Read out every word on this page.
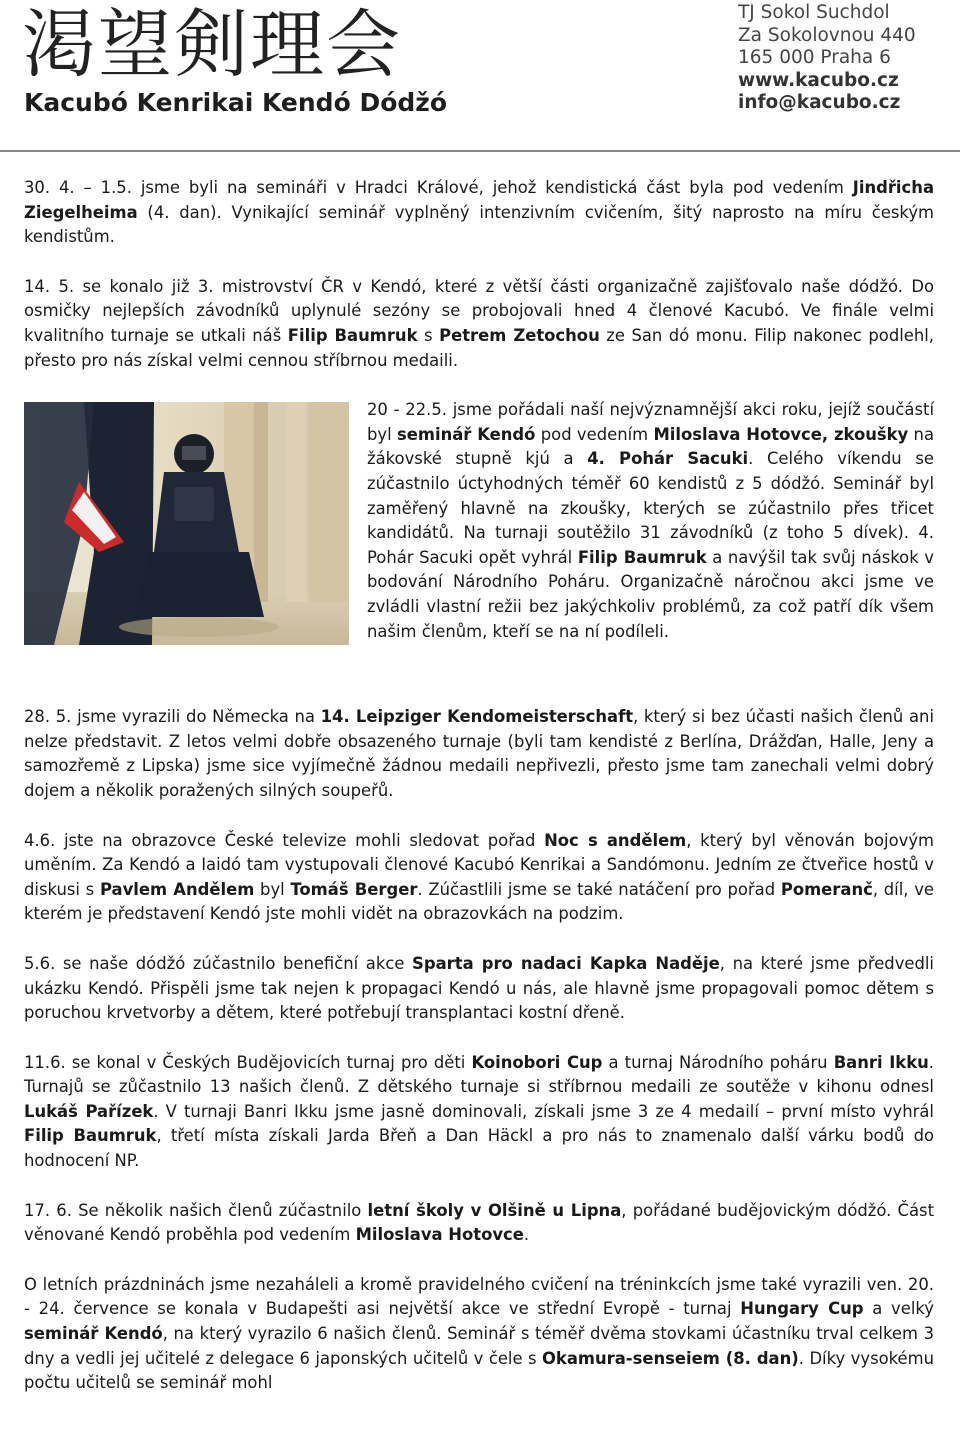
渇望剣理会
Kacubó Kenrikai Kendó Dódžó
TJ Sokol Suchdol
Za Sokolovnou 440
165 000 Praha 6
www.kacubo.cz
info@kacubo.cz

30. 4. – 1.5. jsme byli na semináři v Hradci Králové, jehož kendistická část byla pod vedením Jindřicha Ziegelheima (4. dan). Vynikající seminář vyplněný intenzivním cvičením, šitý naprosto na míru českým kendistům.

14. 5. se konalo již 3. mistrovství ČR v Kendó, které z větší části organizačně zajišťovalo naše dódžó. Do osmičky nejlepších závodníků uplynulé sezóny se probojovali hned 4 členové Kacubó. Ve finále velmi kvalitního turnaje se utkali náš Filip Baumruk s Petrem Zetochou ze San dó monu. Filip nakonec podlehl, přesto pro nás získal velmi cennou stříbrnou medaili.

20 - 22.5. jsme pořádali naší nejvýznamnější akci roku, jejíž součástí byl seminář Kendó pod vedením Miloslava Hotovce, zkoušky na žákovské stupně kjú a 4. Pohár Sacuki. Celého víkendu se zúčastnilo úctyhodných téměř 60 kendistů z 5 dódžó. Seminář byl zaměřený hlavně na zkoušky, kterých se zúčastnilo přes třicet kandidátů. Na turnaji soutěžilo 31 závodníků (z toho 5 dívek). 4. Pohár Sacuki opět vyhrál Filip Baumruk a navýšil tak svůj náskok v bodování Národního Poháru. Organizačně náročnou akci jsme ve zvládli vlastní režii bez jakýchkoliv problémů, za což patří dík všem našim členům, kteří se na ní podíleli.

28. 5. jsme vyrazili do Německa na 14. Leipziger Kendomeisterschaft, který si bez účasti našich členů ani nelze představit. Z letos velmi dobře obsazeného turnaje (byli tam kendisté z Berlína, Drážďan, Halle, Jeny a samozřemě z Lipska) jsme sice vyjímečně žádnou medaili nepřivezli, přesto jsme tam zanechali velmi dobrý dojem a několik poražených silných soupeřů.

4.6. jste na obrazovce České televize mohli sledovat pořad Noc s andělem, který byl věnován bojovým uměním. Za Kendó a Iaidó tam vystupovali členové Kacubó Kenrikai a Sandómonu. Jedním ze čtveřice hostů v diskusi s Pavlem Andělem byl Tomáš Berger. Zúčastlili jsme se také natáčení pro pořad Pomeranč, díl, ve kterém je představení Kendó jste mohli vidět na obrazovkách na podzim.

5.6. se naše dódžó zúčastnilo benefiční akce Sparta pro nadaci Kapka Naděje, na které jsme předvedli ukázku Kendó. Přispěli jsme tak nejen k propagaci Kendó u nás, ale hlavně jsme propagovali pomoc dětem s poruchou krvetvorby a dětem, které potřebují transplantaci kostní dřeně.

11.6. se konal v Českých Budějovicích turnaj pro děti Koinobori Cup a turnaj Národního poháru Banri Ikku. Turnajů se zůčastnilo 13 našich členů. Z dětského turnaje si stříbrnou medaili ze soutěže v kihonu odnesl Lukáš Pařízek. V turnaji Banri Ikku jsme jasně dominovali, získali jsme 3 ze 4 medailí – první místo vyhrál Filip Baumruk, třetí místa získali Jarda Břeň a Dan Häckl a pro nás to znamenalo další várku bodů do hodnocení NP.

17. 6. Se několik našich členů zúčastnilo letní školy v Olšině u Lipna, pořádané budějovickým dódžó. Část věnované Kendó proběhla pod vedením Miloslava Hotovce.

O letních prázdninách jsme nezaháleli a kromě pravidelného cvičení na tréninkcích jsme také vyrazili ven. 20. - 24. července se konala v Budapešti asi největší akce ve střední Evropě - turnaj Hungary Cup a velký seminář Kendó, na který vyrazilo 6 našich členů. Seminář s téměř dvěma stovkami účastníku trval celkem 3 dny a vedli jej učitelé z delegace 6 japonských učitelů v čele s Okamura-senseiem (8. dan). Díky vysokému počtu učitelů se seminář mohl
